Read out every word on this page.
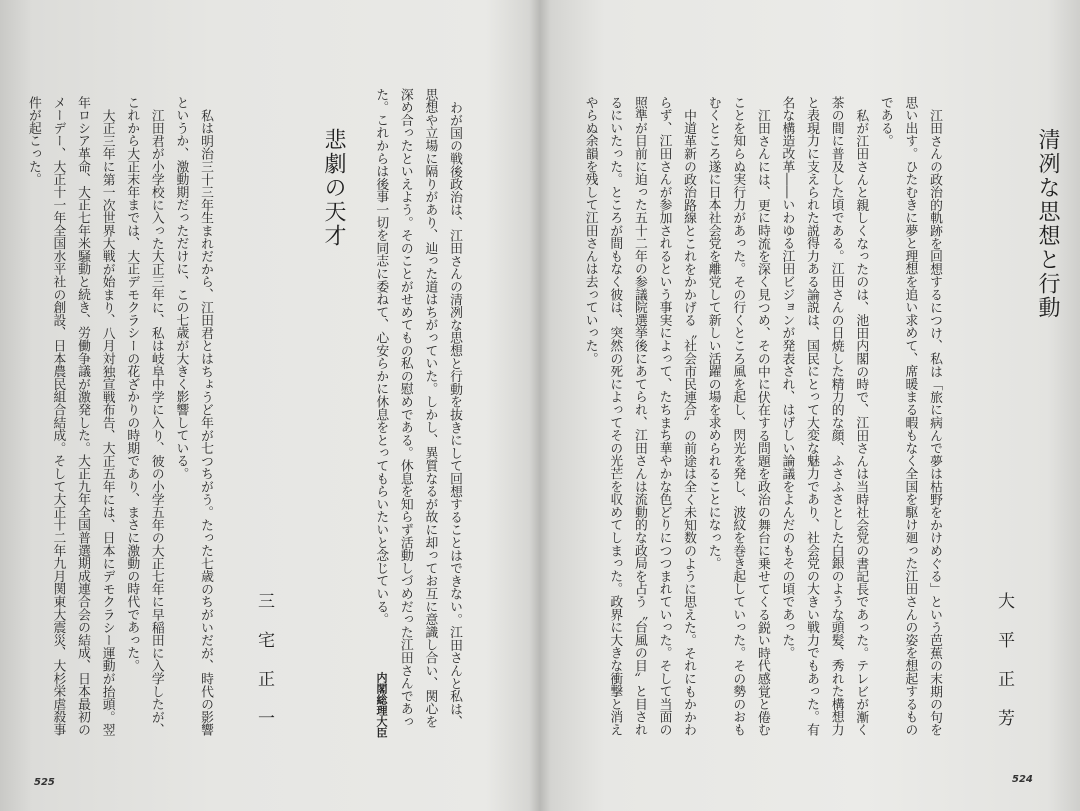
わが国の戦後政治は、江田さんの清冽な思想と行動を抜きにして回想することはできない。江田さんと私は、
思想や立場に隔りがあり、辿った道はちがっていた。しかし、異質なるが故に却ってお互に意識し合い、関心を
深め合ったといえよう。そのことがせめてもの私の慰めである。休息を知らず活動しづめだった江田さんであっ
た。これからは後事一切を同志に委ねて、心安らかに休息をとってもらいたいと念じている。
内閣総理大臣
悲劇の天才
三宅正一
私は明治三十三年生まれだから、江田君とはちょうど年が七つちがう。たった七歳のちがいだが、時代の影響
というか、激動期だっただけに、この七歳が大きく影響している。
江田君が小学校に入った大正三年に、私は岐阜中学に入り、彼の小学五年の大正七年に早稲田に入学したが、
これから大正末年までは、大正デモクラシーの花ざかりの時期であり、まさに激動の時代であった。
大正三年に第一次世界大戦が始まり、八月対独宣戦布告、大正五年には、日本にデモクラシー運動が抬頭。翌
年ロシア革命、大正七年米騒動と続き、労働争議が激発した。大正九年全国普選期成連合会の結成、日本最初の
メーデー、大正十一年全国水平社の創設、日本農民組合結成。そして大正十二年九月関東大震災、大杉栄虐殺事
件が起こった。
525
清冽な思想と行動
大平正芳
江田さんの政治的軌跡を回想するにつけ、私は「旅に病んで夢は枯野をかけめぐる」という芭蕉の末期の句を
思い出す。ひたむきに夢と理想を追い求めて、席暖まる暇もなく全国を駆け廻った江田さんの姿を想起するもの
である。
私が江田さんと親しくなったのは、池田内閣の時で、江田さんは当時社会党の書記長であった。テレビが漸く
茶の間に普及した頃である。江田さんの日焼した精力的な顔、ふさふさとした白銀のような頭髪、秀れた構想力
と表現力に支えられた説得力ある論説は、国民にとって大変な魅力であり、社会党の大きい戦力でもあった。有
名な構造改革――いわゆる江田ビジョンが発表され、はげしい論議をよんだのもその頃であった。
江田さんには、更に時流を深く見つめ、その中に伏在する問題を政治の舞台に乗せてくる鋭い時代感覚と倦む
ことを知らぬ実行力があった。その行くところ風を起し、閃光を発し、波紋を巻き起していった。その勢のおも
むくところ遂に日本社会党を離党して新しい活躍の場を求められることになった。
中道革新の政治路線とこれをかかげる〝社会市民連合〟の前途は全く未知数のように思えた。それにもかかわ
らず、江田さんが参加されるという事実によって、たちまち華やかな色どりにつつまれていった。そして当面の
照準が目前に迫った五十二年の参議院選挙後にあてられ、江田さんは流動的な政局を占う〝台風の目〟と目され
るにいたった。ところが間もなく彼は、突然の死によってその光芒を収めてしまった。政界に大きな衝撃と消え
やらぬ余韻を残して江田さんは去っていった。
524
